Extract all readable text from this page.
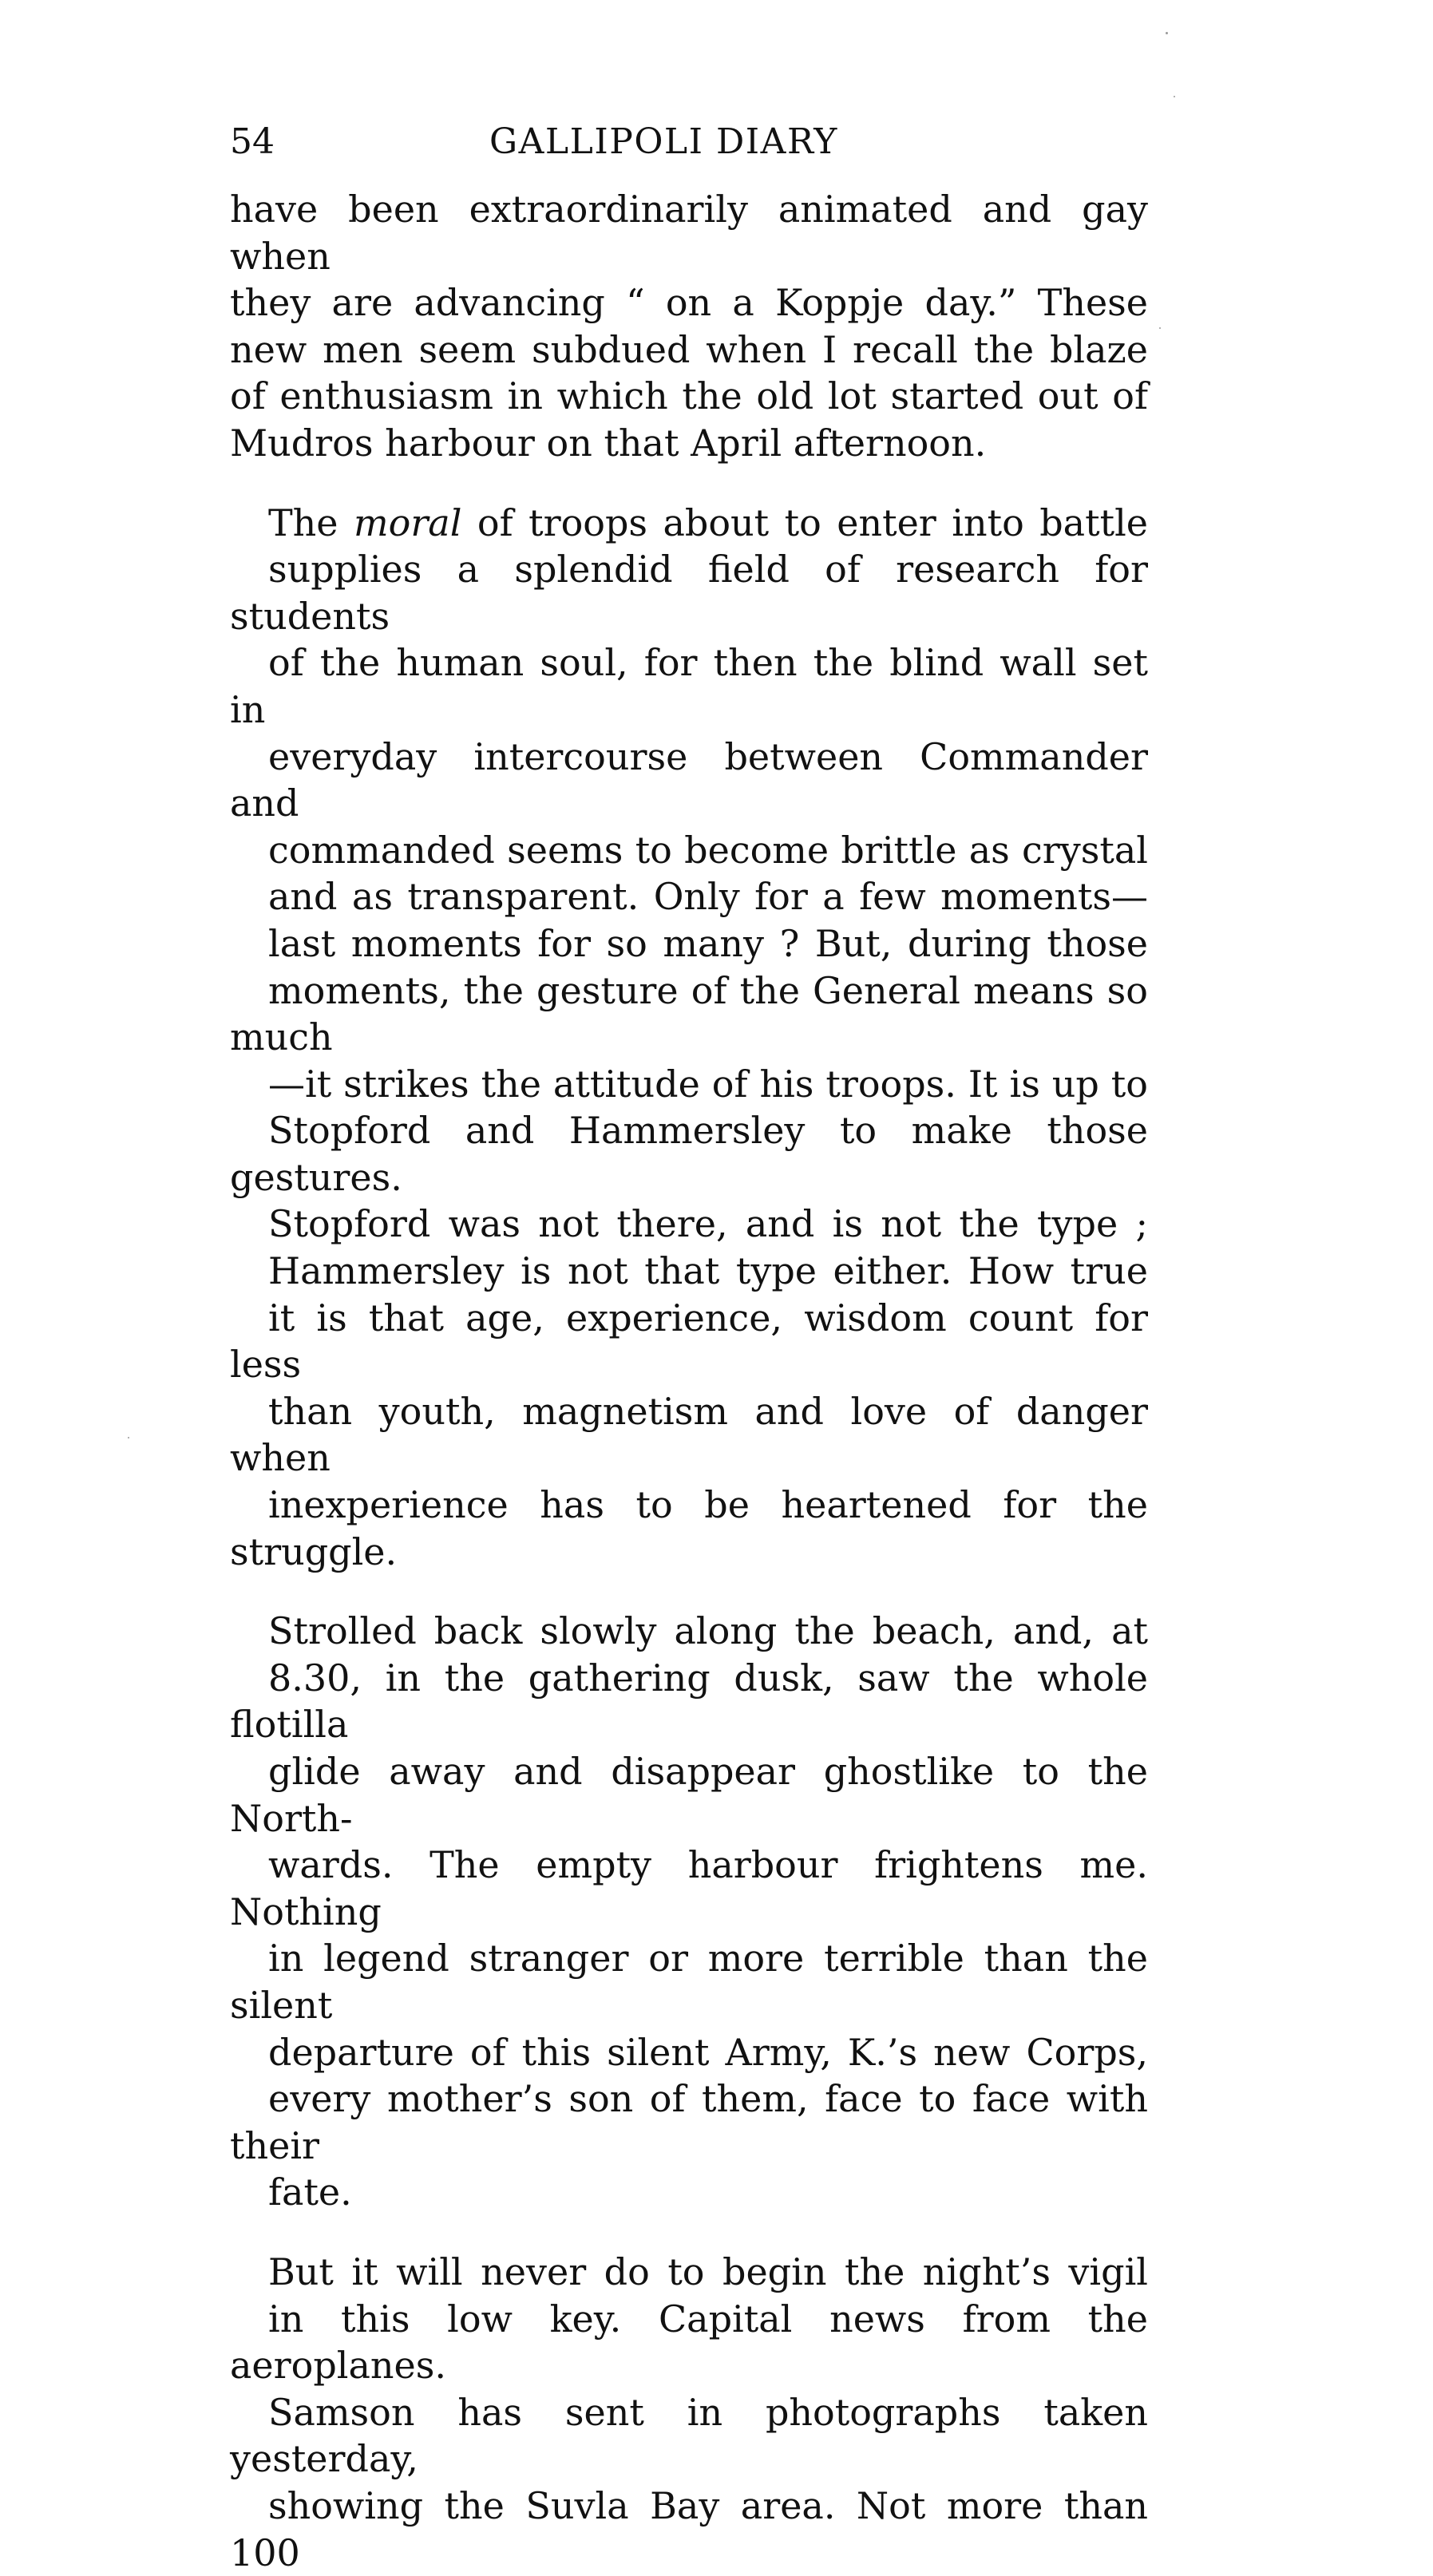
54	GALLIPOLI DIARY

have been extraordinarily animated and gay when
they are advancing “ on a Koppje day.” These
new men seem subdued when I recall the blaze
of enthusiasm in which the old lot started out of
Mudros harbour on that April afternoon.

The moral of troops about to enter into battle
supplies a splendid field of research for students
of the human soul, for then the blind wall set in
everyday intercourse between Commander and
commanded seems to become brittle as crystal
and as transparent. Only for a few moments—
last moments for so many ? But, during those
moments, the gesture of the General means so much
—it strikes the attitude of his troops. It is up to
Stopford and Hammersley to make those gestures.
Stopford was not there, and is not the type ;
Hammersley is not that type either. How true
it is that age, experience, wisdom count for less
than youth, magnetism and love of danger when
inexperience has to be heartened for the struggle.

Strolled back slowly along the beach, and, at
8.30, in the gathering dusk, saw the whole flotilla
glide away and disappear ghostlike to the North-
wards. The empty harbour frightens me. Nothing
in legend stranger or more terrible than the silent
departure of this silent Army, K.’s new Corps,
every mother’s son of them, face to face with their
fate.

But it will never do to begin the night’s vigil
in this low key. Capital news from the aeroplanes.
Samson has sent in photographs taken yesterday,
showing the Suvla Bay area. Not more than 100
